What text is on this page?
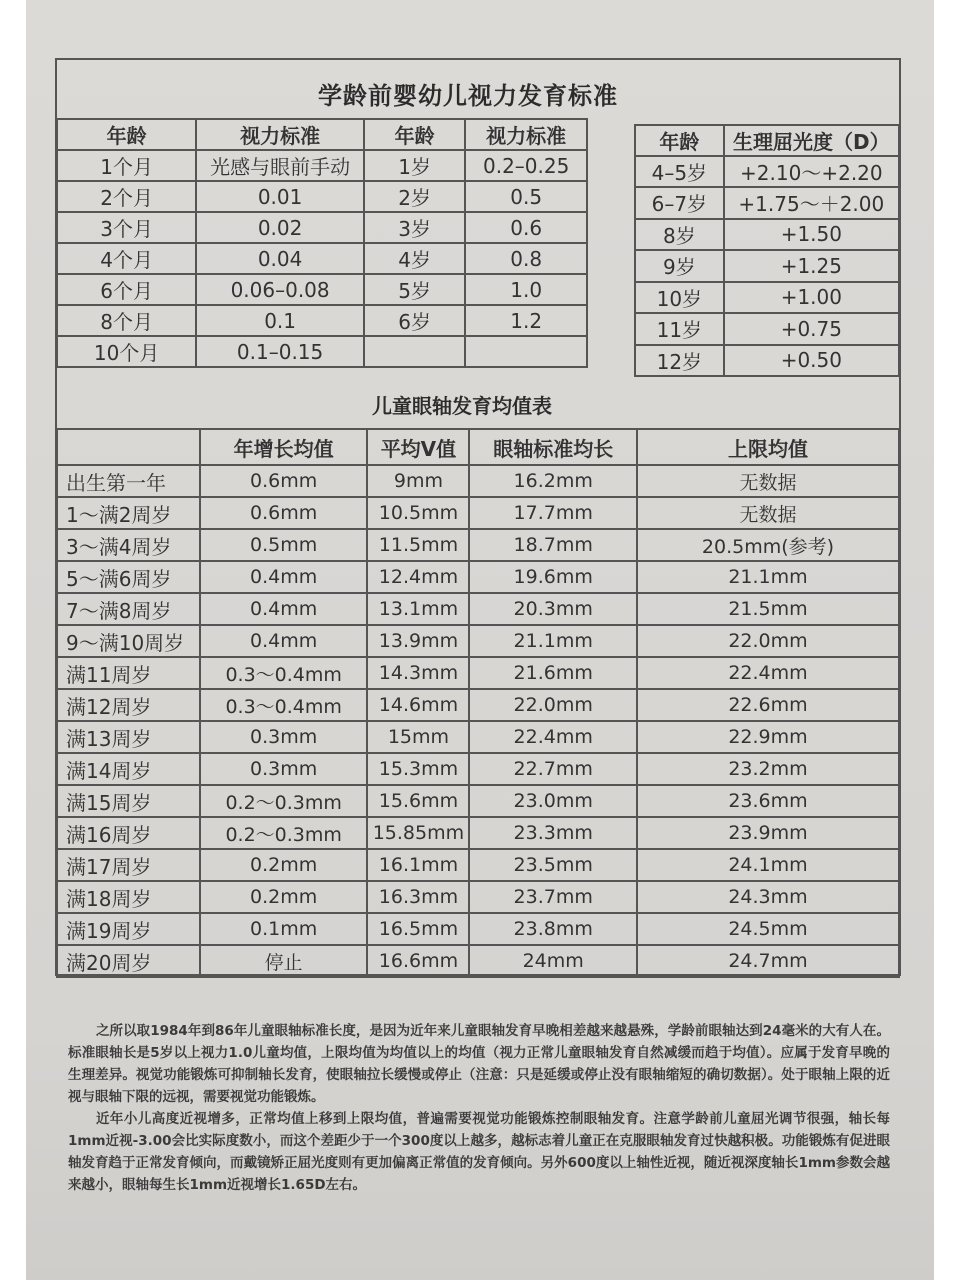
学龄前婴幼儿视力发育标准
年龄	视力标准	年龄	视力标准
1个月	光感与眼前手动	1岁	0.2–0.25
2个月	0.01	2岁	0.5
3个月	0.02	3岁	0.6
4个月	0.04	4岁	0.8
6个月	0.06–0.08	5岁	1.0
8个月	0.1	6岁	1.2
10个月	0.1–0.15		
年龄	生理屈光度（D）
4–5岁	+2.10～+2.20
6–7岁	+1.75～＋2.00
8岁	+1.50
9岁	+1.25
10岁	+1.00
11岁	+0.75
12岁	+0.50
儿童眼轴发育均值表
	年增长均值	平均V值	眼轴标准均长	上限均值
出生第一年	0.6mm	9mm	16.2mm	无数据
1～满2周岁	0.6mm	10.5mm	17.7mm	无数据
3～满4周岁	0.5mm	11.5mm	18.7mm	20.5mm(参考)
5～满6周岁	0.4mm	12.4mm	19.6mm	21.1mm
7～满8周岁	0.4mm	13.1mm	20.3mm	21.5mm
9～满10周岁	0.4mm	13.9mm	21.1mm	22.0mm
满11周岁	0.3～0.4mm	14.3mm	21.6mm	22.4mm
满12周岁	0.3～0.4mm	14.6mm	22.0mm	22.6mm
满13周岁	0.3mm	15mm	22.4mm	22.9mm
满14周岁	0.3mm	15.3mm	22.7mm	23.2mm
满15周岁	0.2～0.3mm	15.6mm	23.0mm	23.6mm
满16周岁	0.2～0.3mm	15.85mm	23.3mm	23.9mm
满17周岁	0.2mm	16.1mm	23.5mm	24.1mm
满18周岁	0.2mm	16.3mm	23.7mm	24.3mm
满19周岁	0.1mm	16.5mm	23.8mm	24.5mm
满20周岁	停止	16.6mm	24mm	24.7mm

之所以取1984年到86年儿童眼轴标准长度，是因为近年来儿童眼轴发育早晚相差越来越悬殊，学龄前眼轴达到24毫米的大有人在。标准眼轴长是5岁以上视力1.0儿童均值，上限均值为均值以上的均值（视力正常儿童眼轴发育自然减缓而趋于均值）。应属于发育早晚的生理差异。视觉功能锻炼可抑制轴长发育，使眼轴拉长缓慢或停止（注意：只是延缓或停止没有眼轴缩短的确切数据）。处于眼轴上限的近视与眼轴下限的远视，需要视觉功能锻炼。

近年小儿高度近视增多，正常均值上移到上限均值，普遍需要视觉功能锻炼控制眼轴发育。注意学龄前儿童屈光调节很强，轴长每1mm近视-3.00会比实际度数小，而这个差距少于一个300度以上越多，越标志着儿童正在克服眼轴发育过快越积极。功能锻炼有促进眼轴发育趋于正常发育倾向，而戴镜矫正屈光度则有更加偏离正常值的发育倾向。另外600度以上轴性近视，随近视深度轴长1mm参数会越来越小，眼轴每生长1mm近视增长1.65D左右。
